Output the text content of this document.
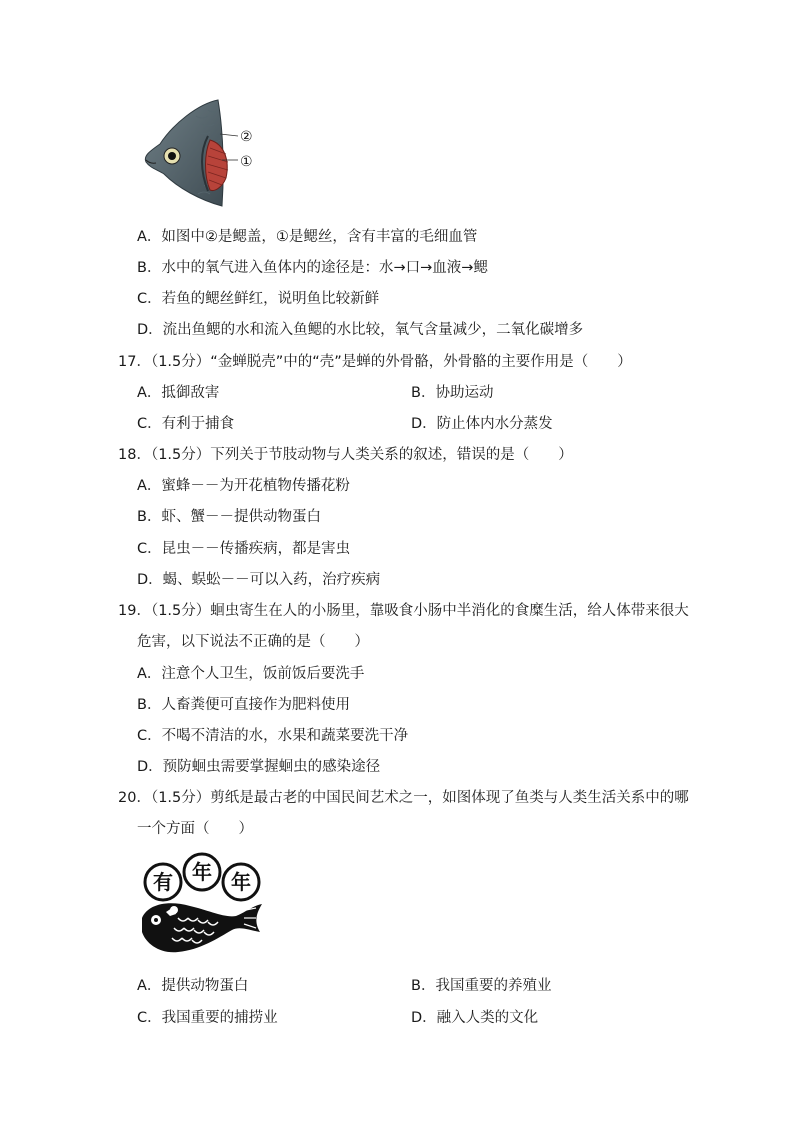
②
①
A．如图中②是鳃盖，①是鳃丝，含有丰富的毛细血管
B．水中的氧气进入鱼体内的途径是：水→口→血液→鳃
C．若鱼的鳃丝鲜红，说明鱼比较新鲜
D．流出鱼鳃的水和流入鱼鳃的水比较，氧气含量减少，二氧化碳增多
17．（1.5分）“金蝉脱壳”中的“壳”是蝉的外骨骼，外骨骼的主要作用是（　　）
A．抵御敌害	B．协助运动
C．有利于捕食	D．防止体内水分蒸发
18．（1.5分）下列关于节肢动物与人类关系的叙述，错误的是（　　）
A．蜜蜂－－为开花植物传播花粉
B．虾、蟹－－提供动物蛋白
C．昆虫－－传播疾病，都是害虫
D．蝎、蜈蚣－－可以入药，治疗疾病
19．（1.5分）蛔虫寄生在人的小肠里，靠吸食小肠中半消化的食糜生活，给人体带来很大
危害，以下说法不正确的是（　　）
A．注意个人卫生，饭前饭后要洗手
B．人畜粪便可直接作为肥料使用
C．不喝不清洁的水，水果和蔬菜要洗干净
D．预防蛔虫需要掌握蛔虫的感染途径
20．（1.5分）剪纸是最古老的中国民间艺术之一，如图体现了鱼类与人类生活关系中的哪
一个方面（　　）
有 年 年
A．提供动物蛋白	B．我国重要的养殖业
C．我国重要的捕捞业	D．融入人类的文化
